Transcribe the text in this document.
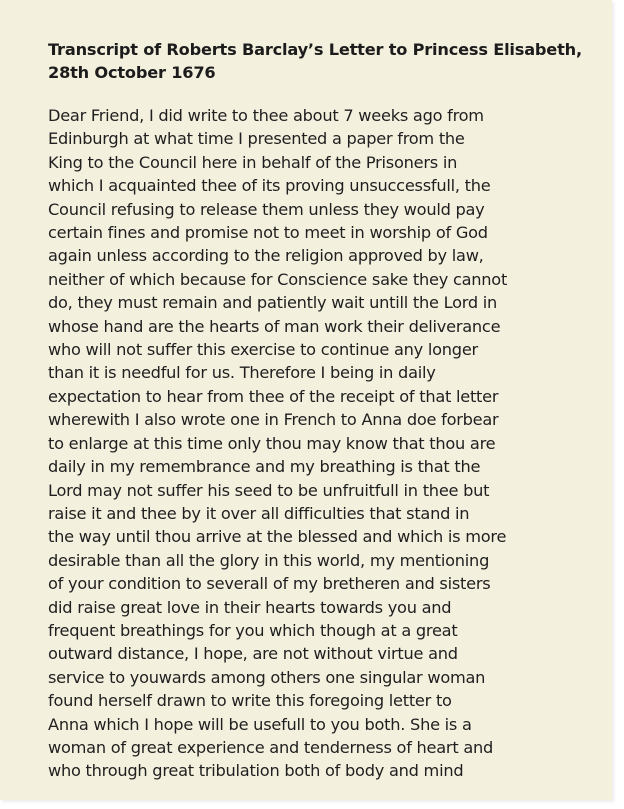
Transcript of Roberts Barclay’s Letter to Princess Elisabeth,
28th October 1676
Dear Friend, I did write to thee about 7 weeks ago from
Edinburgh at what time I presented a paper from the
King to the Council here in behalf of the Prisoners in
which I acquainted thee of its proving unsuccessfull, the
Council refusing to release them unless they would pay
certain fines and promise not to meet in worship of God
again unless according to the religion approved by law,
neither of which because for Conscience sake they cannot
do, they must remain and patiently wait untill the Lord in
whose hand are the hearts of man work their deliverance
who will not suffer this exercise to continue any longer
than it is needful for us. Therefore I being in daily
expectation to hear from thee of the receipt of that letter
wherewith I also wrote one in French to Anna doe forbear
to enlarge at this time only thou may know that thou are
daily in my remembrance and my breathing is that the
Lord may not suffer his seed to be unfruitfull in thee but
raise it and thee by it over all difficulties that stand in
the way until thou arrive at the blessed and which is more
desirable than all the glory in this world, my mentioning
of your condition to severall of my bretheren and sisters
did raise great love in their hearts towards you and
frequent breathings for you which though at a great
outward distance, I hope, are not without virtue and
service to youwards among others one singular woman
found herself drawn to write this foregoing letter to
Anna which I hope will be usefull to you both. She is a
woman of great experience and tenderness of heart and
who through great tribulation both of body and mind
